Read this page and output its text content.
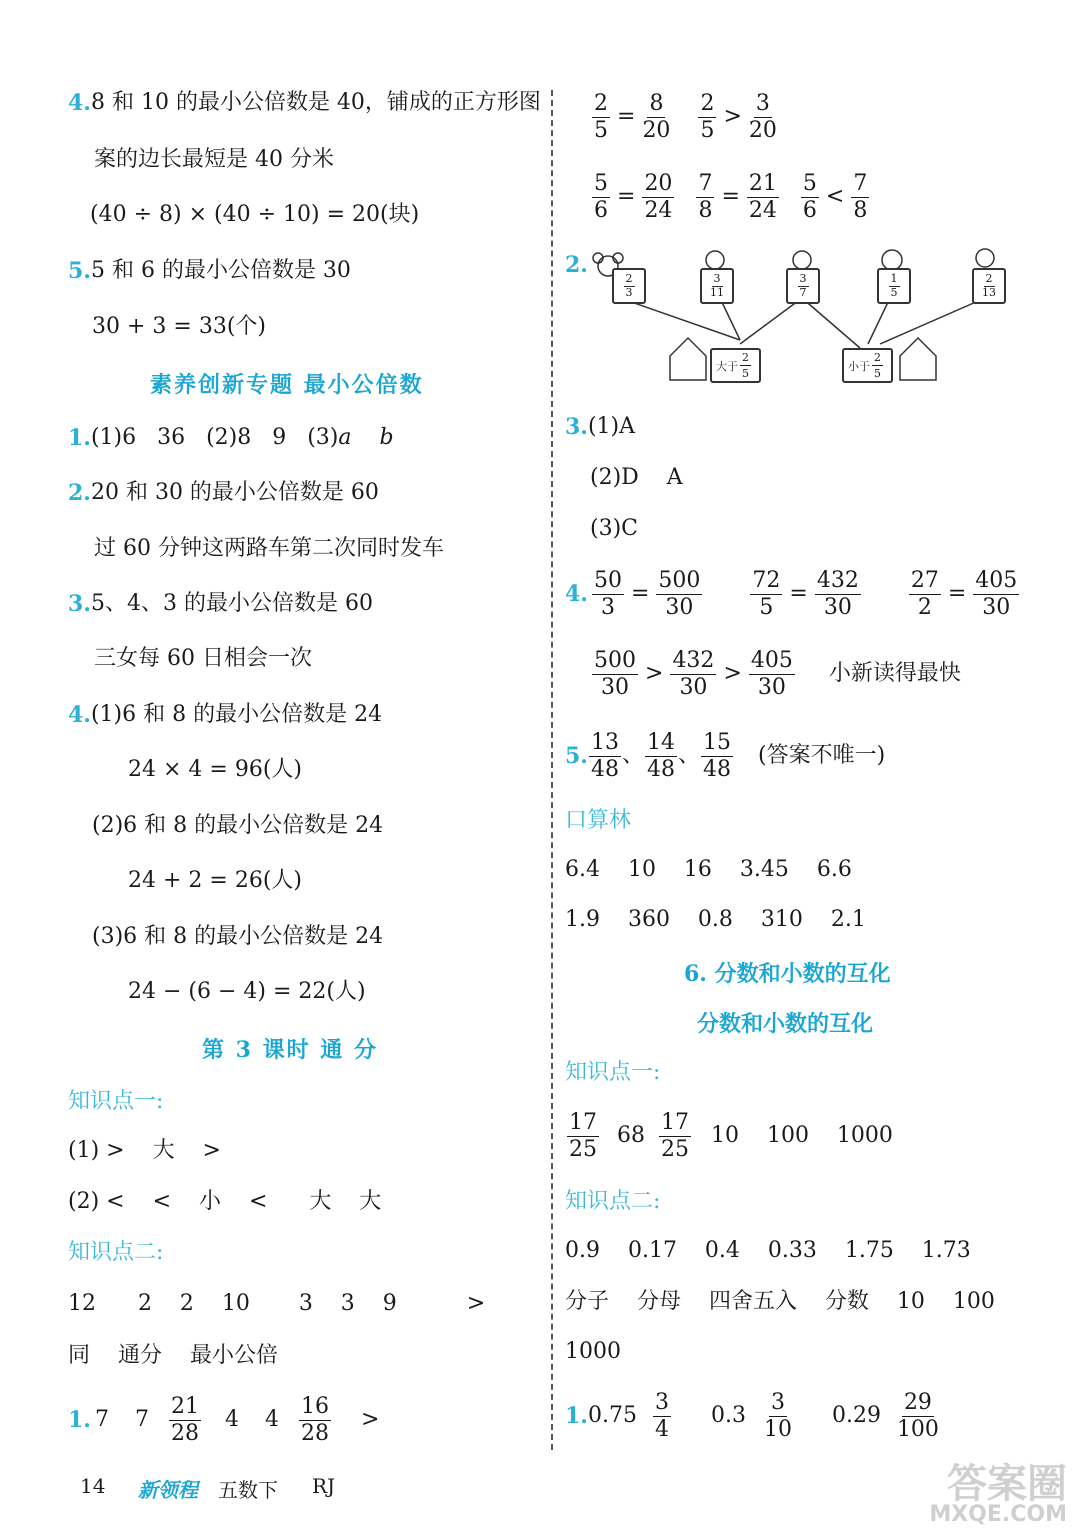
4. 8 和 10 的最小公倍数是 40，铺成的正方形图
案的边长最短是 40 分米
(40 ÷ 8) × (40 ÷ 10) = 20(块)
5. 5 和 6 的最小公倍数是 30
30 + 3 = 33(个)
素养创新专题 最小公倍数
1. (1)6   36   (2)8   9   (3) a b
2. 20 和 30 的最小公倍数是 60
过 60 分钟这两路车第二次同时发车
3. 5、4、3 的最小公倍数是 60
三女每 60 日相会一次
4. (1)6 和 8 的最小公倍数是 24
24 × 4 = 96(人)
(2)6 和 8 的最小公倍数是 24
24 + 2 = 26(人)
(3)6 和 8 的最小公倍数是 24
24 − (6 − 4) = 22(人)
第 3 课时 通 分
知识点一:
(1) >    大    >
(2) <    <    小    <      大    大
知识点二:
12      2    2    10       3    3    9          >
同    通分    最小公倍
1. 7 $7 \frac{21}{28} 4$ $4 \frac{16}{28}$ >
$\frac{2}{5} = \frac{8}{20} \frac{2}{5} > \frac{3}{20}$
$\frac{5}{6} = \frac{20}{24} \frac{7}{8} = \frac{21}{24} \frac{5}{6} < \frac{7}{8}$
2.
2
3
3
11
3
7
1
5
2
13
大于 $\frac{2}{5}$	小于 $\frac{2}{5}$
3. (1)A
(2)D    A
(3)C
4. $\frac{50}{3} = \frac{500}{30} \frac{72}{5} = \frac{432}{30} \frac{27}{2} = \frac{405}{30}$
$\frac{500}{30} > \frac{432}{30} > \frac{405}{30}$ 小新读得最快
5. $\frac{13}{48}$ 、 $\frac{14}{48}$ 、 $\frac{15}{48}$ (答案不唯一)
口算林
6.4    10    16    3.45    6.6
1.9    360    0.8    310    2.1
6. 分数和小数的互化
分数和小数的互化
知识点一:
$\frac{17}{25} 68 \frac{17}{25} 10$    100    1000
知识点二:
0.9    0.17    0.4    0.33    1.75    1.73
分子    分母    四舍五入    分数    10    100
1000
1. $0.75 \frac{3}{4} 0.3 \frac{3}{10} 0.29 \frac{29}{100}$
14 新领程 五数下 RJ	答案圈
MXQE.COM
